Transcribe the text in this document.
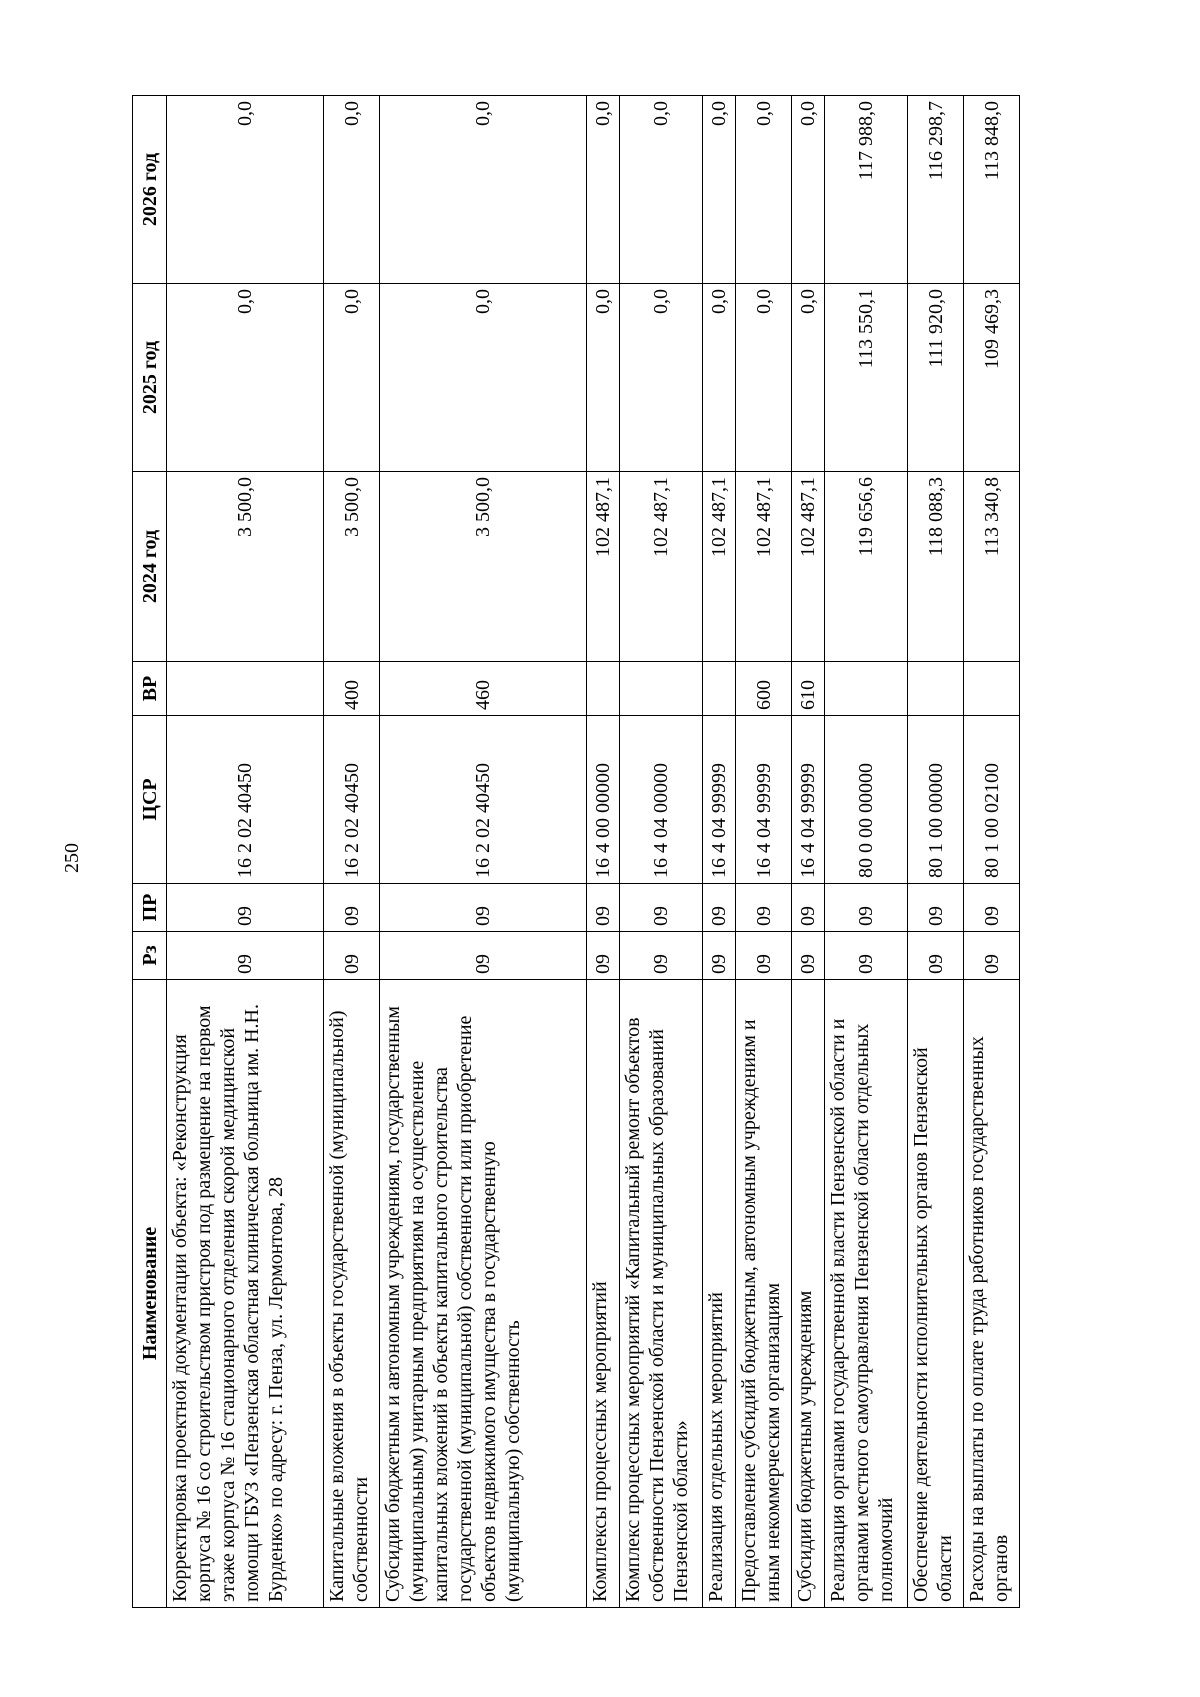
250
Наименование	Рз	ПР	ЦСР	ВР	2024 год	2025 год	2026 год
Корректировка проектной документации объекта: «Реконструкция корпуса № 16 со строительством пристроя под размещение на первом этаже корпуса № 16 стационарного отделения скорой медицинской помощи ГБУЗ «Пензенская областная клиническая больница им. Н.Н. Бурденко» по адресу: г. Пенза, ул. Лермонтова, 28	09	09	16 2 02 40450		3 500,0	0,0	0,0
Капитальные вложения в объекты государственной (муниципальной) собственности	09	09	16 2 02 40450	400	3 500,0	0,0	0,0
Субсидии бюджетным и автономным учреждениям, государственным (муниципальным) унитарным предприятиям на осуществление капитальных вложений в объекты капитального строительства государственной (муниципальной) собственности или приобретение объектов недвижимого имущества в государственную (муниципальную) собственность	09	09	16 2 02 40450	460	3 500,0	0,0	0,0
Комплексы процессных мероприятий	09	09	16 4 00 00000		102 487,1	0,0	0,0
Комплекс процессных мероприятий «Капитальный ремонт объектов собственности Пензенской области и муниципальных образований Пензенской области»	09	09	16 4 04 00000		102 487,1	0,0	0,0
Реализация отдельных мероприятий	09	09	16 4 04 99999		102 487,1	0,0	0,0
Предоставление субсидий бюджетным, автономным учреждениям и иным некоммерческим организациям	09	09	16 4 04 99999	600	102 487,1	0,0	0,0
Субсидии бюджетным учреждениям	09	09	16 4 04 99999	610	102 487,1	0,0	0,0
Реализация органами государственной власти Пензенской области и органами местного самоуправления Пензенской области отдельных полномочий	09	09	80 0 00 00000		119 656,6	113 550,1	117 988,0
Обеспечение деятельности исполнительных органов Пензенской области	09	09	80 1 00 00000		118 088,3	111 920,0	116 298,7
Расходы на выплаты по оплате труда работников государственных органов	09	09	80 1 00 02100		113 340,8	109 469,3	113 848,0
